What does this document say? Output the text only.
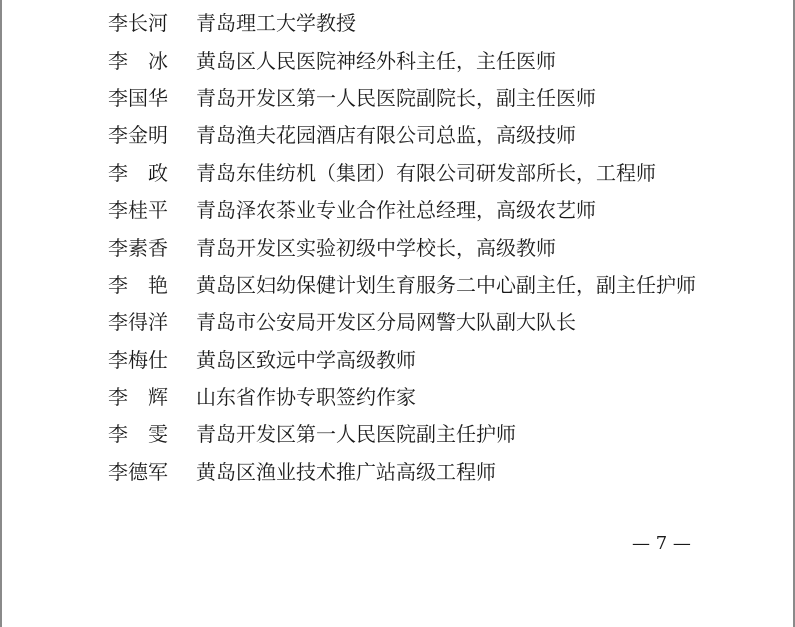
李长河 青岛理工大学教授
李　冰 黄岛区人民医院神经外科主任，主任医师
李国华 青岛开发区第一人民医院副院长，副主任医师
李金明 青岛渔夫花园酒店有限公司总监，高级技师
李　政 青岛东佳纺机（集团）有限公司研发部所长，工程师
李桂平 青岛泽农茶业专业合作社总经理，高级农艺师
李素香 青岛开发区实验初级中学校长，高级教师
李　艳 黄岛区妇幼保健计划生育服务二中心副主任，副主任护师
李得洋 青岛市公安局开发区分局网警大队副大队长
李梅仕 黄岛区致远中学高级教师
李　辉 山东省作协专职签约作家
李　雯 青岛开发区第一人民医院副主任护师
李德军 黄岛区渔业技术推广站高级工程师
— 7 —
